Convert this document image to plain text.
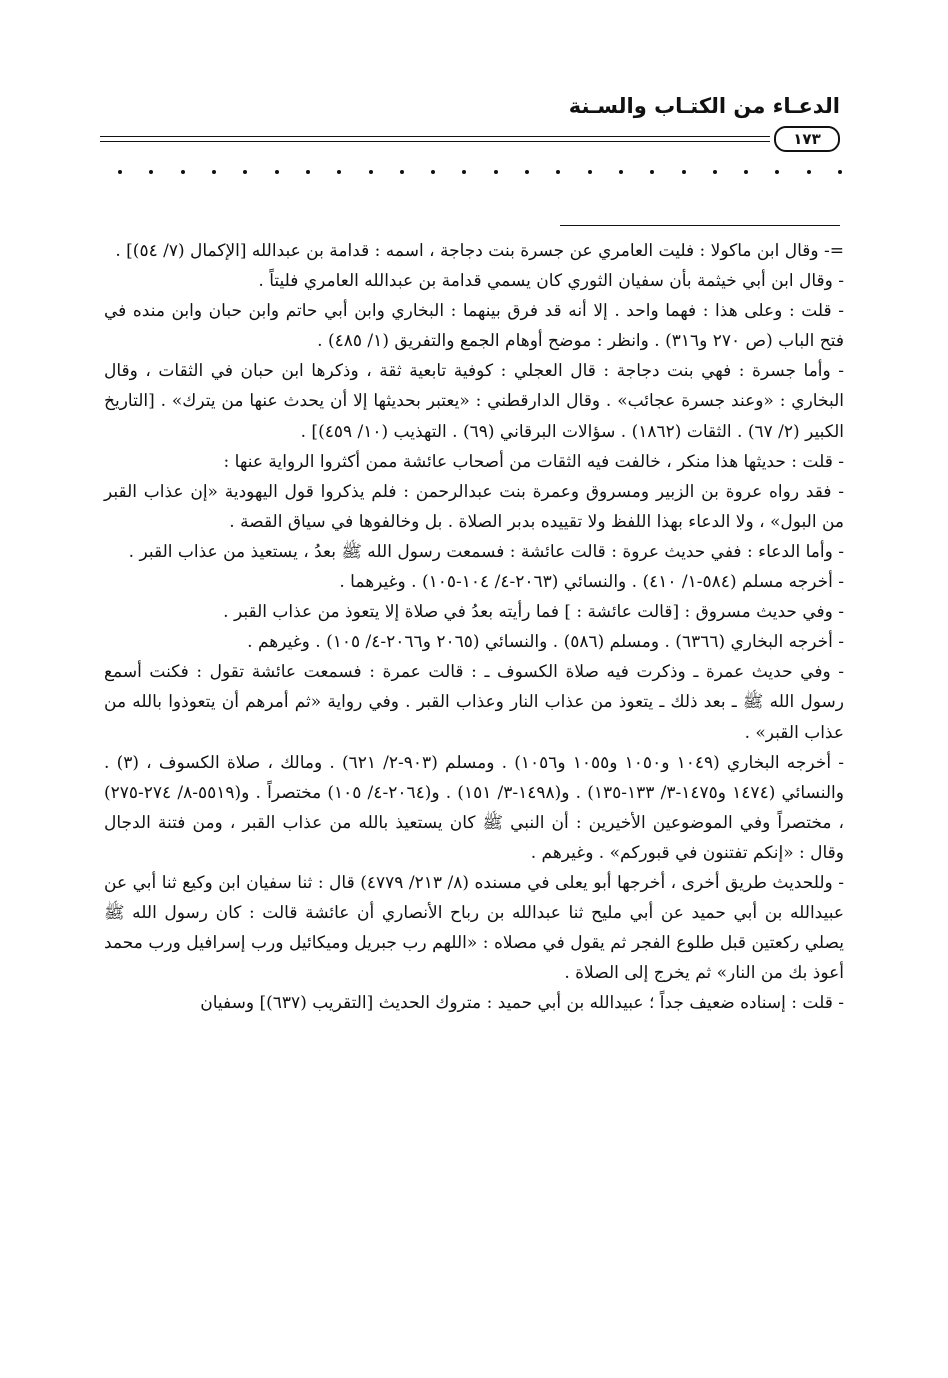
الدعـاء من الكتـاب والسـنة
١٧٣

=- وقال ابن ماكولا : فليت العامري عن جسرة بنت دجاجة ، اسمه : قدامة بن عبدالله [الإكمال (٧/ ٥٤)] .

- وقال ابن أبي خيثمة بأن سفيان الثوري كان يسمي قدامة بن عبدالله العامري فليتاً .

- قلت : وعلى هذا : فهما واحد . إلا أنه قد فرق بينهما : البخاري وابن أبي حاتم وابن حبان وابن منده في فتح الباب (ص ٢٧٠ و٣١٦) . وانظر : موضح أوهام الجمع والتفريق (١/ ٤٨٥) .

- وأما جسرة : فهي بنت دجاجة : قال العجلي : كوفية تابعية ثقة ، وذكرها ابن حبان في الثقات ، وقال البخاري : «وعند جسرة عجائب» . وقال الدارقطني : «يعتبر بحديثها إلا أن يحدث عنها من يترك» . [التاريخ الكبير (٢/ ٦٧) . الثقات (١٨٦٢) . سؤالات البرقاني (٦٩) . التهذيب (١٠/ ٤٥٩)] .

- قلت : حديثها هذا منكر ، خالفت فيه الثقات من أصحاب عائشة ممن أكثروا الرواية عنها :

- فقد رواه عروة بن الزبير ومسروق وعمرة بنت عبدالرحمن : فلم يذكروا قول اليهودية «إن عذاب القبر من البول» ، ولا الدعاء بهذا اللفظ ولا تقييده بدبر الصلاة . بل وخالفوها في سياق القصة .

- وأما الدعاء : ففي حديث عروة : قالت عائشة : فسمعت رسول الله ﷺ بعدُ ، يستعيذ من عذاب القبر .

- أخرجه مسلم (٥٨٤-١/ ٤١٠) . والنسائي (٢٠٦٣-٤/ ١٠٤-١٠٥) . وغيرهما .

- وفي حديث مسروق : [قالت عائشة : ] فما رأيته بعدُ في صلاة إلا يتعوذ من عذاب القبر .

- أخرجه البخاري (٦٣٦٦) . ومسلم (٥٨٦) . والنسائي (٢٠٦٥ و٢٠٦٦-٤/ ١٠٥) . وغيرهم .

- وفي حديث عمرة ـ وذكرت فيه صلاة الكسوف ـ : قالت عمرة : فسمعت عائشة تقول : فكنت أسمع رسول الله ﷺ ـ بعد ذلك ـ يتعوذ من عذاب النار وعذاب القبر . وفي رواية «ثم أمرهم أن يتعوذوا بالله من عذاب القبر» .

- أخرجه البخاري (١٠٤٩ و١٠٥٠ و١٠٥٥ و١٠٥٦) . ومسلم (٩٠٣-٢/ ٦٢١) . ومالك ، صلاة الكسوف ، (٣) . والنسائي (١٤٧٤ و١٤٧٥-٣/ ١٣٣-١٣٥) . و(١٤٩٨-٣/ ١٥١) . و(٢٠٦٤-٤/ ١٠٥) مختصراً . و(٥٥١٩-٨/ ٢٧٤-٢٧٥) ، مختصراً وفي الموضوعين الأخيرين : أن النبي ﷺ كان يستعيذ بالله من عذاب القبر ، ومن فتنة الدجال وقال : «إنكم تفتنون في قبوركم» . وغيرهم .

- وللحديث طريق أخرى ، أخرجها أبو يعلى في مسنده (٨/ ٢١٣/ ٤٧٧٩) قال : ثنا سفيان ابن وكيع ثنا أبي عن عبيدالله بن أبي حميد عن أبي مليح ثنا عبدالله بن رباح الأنصاري أن عائشة قالت : كان رسول الله ﷺ يصلي ركعتين قبل طلوع الفجر ثم يقول في مصلاه : «اللهم رب جبريل وميكائيل ورب إسرافيل ورب محمد أعوذ بك من النار» ثم يخرج إلى الصلاة .

- قلت : إسناده ضعيف جداً ؛ عبيدالله بن أبي حميد : متروك الحديث [التقريب (٦٣٧)] وسفيان
